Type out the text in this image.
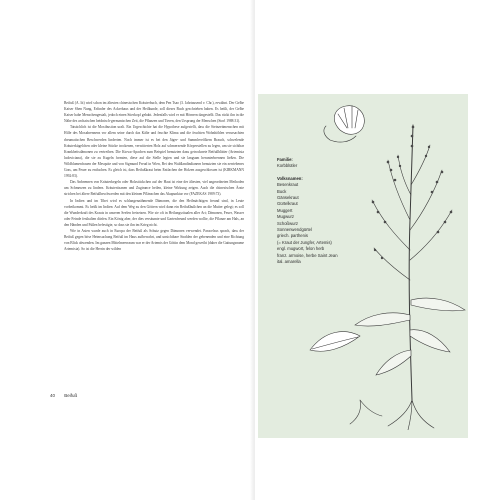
Beifuß (A. lit) wird schon im ältesten chinesischen Kräuterbuch, dem Pen Tsao (3. Jahrtausend v. Chr.), erwähnt. Der Gelbe Kaiser Shen Nung, Erfinder des Ackerbaus und der Heilkunde, soll dieses Buch geschrieben haben. Es heißt, der Gelbe Kaiser habe Menschengestalt, jedoch einen Stierkopf gehabt. Jedenfalls wird er mit Hörnern dargestellt. Das rückt ihn in die Nähe des archaischen heidnisch-germanischen Zeit, die Pflanzen und Tieren, den Ursprung der Menschen (Storl 1988:31).

Tatsächlich ist die Moxibustion uralt. Ein Urgeschichte hat die Hypothese aufgestellt, dass die Steinzeitmenschen mit Hilfe des Moxabrennens vor allem seine durch das Kälte und feuchte Klima und die feuchten Wohnhöhlen verursachten rheumatischen Beschwerden linderten. Noch immer ist es bei den Jäger- und Sammlervölkern Brauch, schwelende Kräuterkügelchen oder kleine Stücke trockenen, verwitterten Holz auf schmerzende Körperstellen zu legen, um sie sichtbar Krankheitsdämonen zu vertreiben. Die Kiowa-Apachen zum Beispiel benutzten dazu getrocknete Beifußblätter (Artemisia ludoviciana), die sie zu Kugeln formten, diese auf die Stelle legten und sie langsam herunterbrennen ließen. Die Wildblumenfrauen der Mesquite und von Sigmund Freud in Wien, Bei den Waldlandindianern benutzten sie ein zerriebenes Gras, um Feuer zu entfachen. Es gleich ist, dass Beifußkraut beim Entfachen der Holzen ausgeschlossen ist (KIRKMANN 1992:83).

Das Anbrennen von Kräuterkegeln oder Holzstückchen auf der Haut ist eine der ältesten, viel angeordneten Methoden um Schmerzen zu lindern. Kräutertisanen und Zugtrance heilen, kleine Wirkung zeigen. Auch die chinesischen Ärzte strichen bei ältere Beifußbeschwerden mit den kleinen Pflänzchen das Akupunktur vor (FAZEKAS 1989:73).

In Indien und im Tibet wird es schlangenzähmende Dämonen, die den Heilmächtigen freund sind, in Leute vorbeikommt. Es heißt im Indien: Auf dem Weg zu den Göttern wird dann ein Beifußbußchen an die Mutter gelegt; es soll die Wunderkraft des Krauts in unseren Seelen freisetzen. Wie sie oft in Heilungsritualen aller Art; Dämonen, Feuer, Wasser oder Feinde festhalten dürfen. Ein König aber, der dies versäumte und Gartenfreund werden wollte, die Pflanze am Hals, an den Händen und Füßen befestigte, so dass sie ihn im Krieg nicht.

Wie in Asien wurde auch in Europa der Beifuß als Schutz gegen Dämonen verwendet. Paracelsus sprach, dass der Beifuß gegen böse Heimsuchung Beifuß im Haus aufbewahrt, und unsichtbare Strahlen der gebenenden und eine Richtung von Blick abwenden. Im ganzen Mittelmeerraum war er der Artemis der Göttin dem Mond geweiht (daher die Gattungsname Artemisia). So ist die Herrin der wilden

40 Beifuß
Familie:
Korbblütler
Volksnamen:
Besenkraut
Buck
Gänsekraut
Gürtelkraut
Muggert
Mugwurz
Schoßwurz
Sonnenwendgürtel
griech. parthenis
(= Kraut der Jungfer, Artemis)
engl. mugwort, felon herb
franz. armoise, herbe Saint Jean
ital. amarella
